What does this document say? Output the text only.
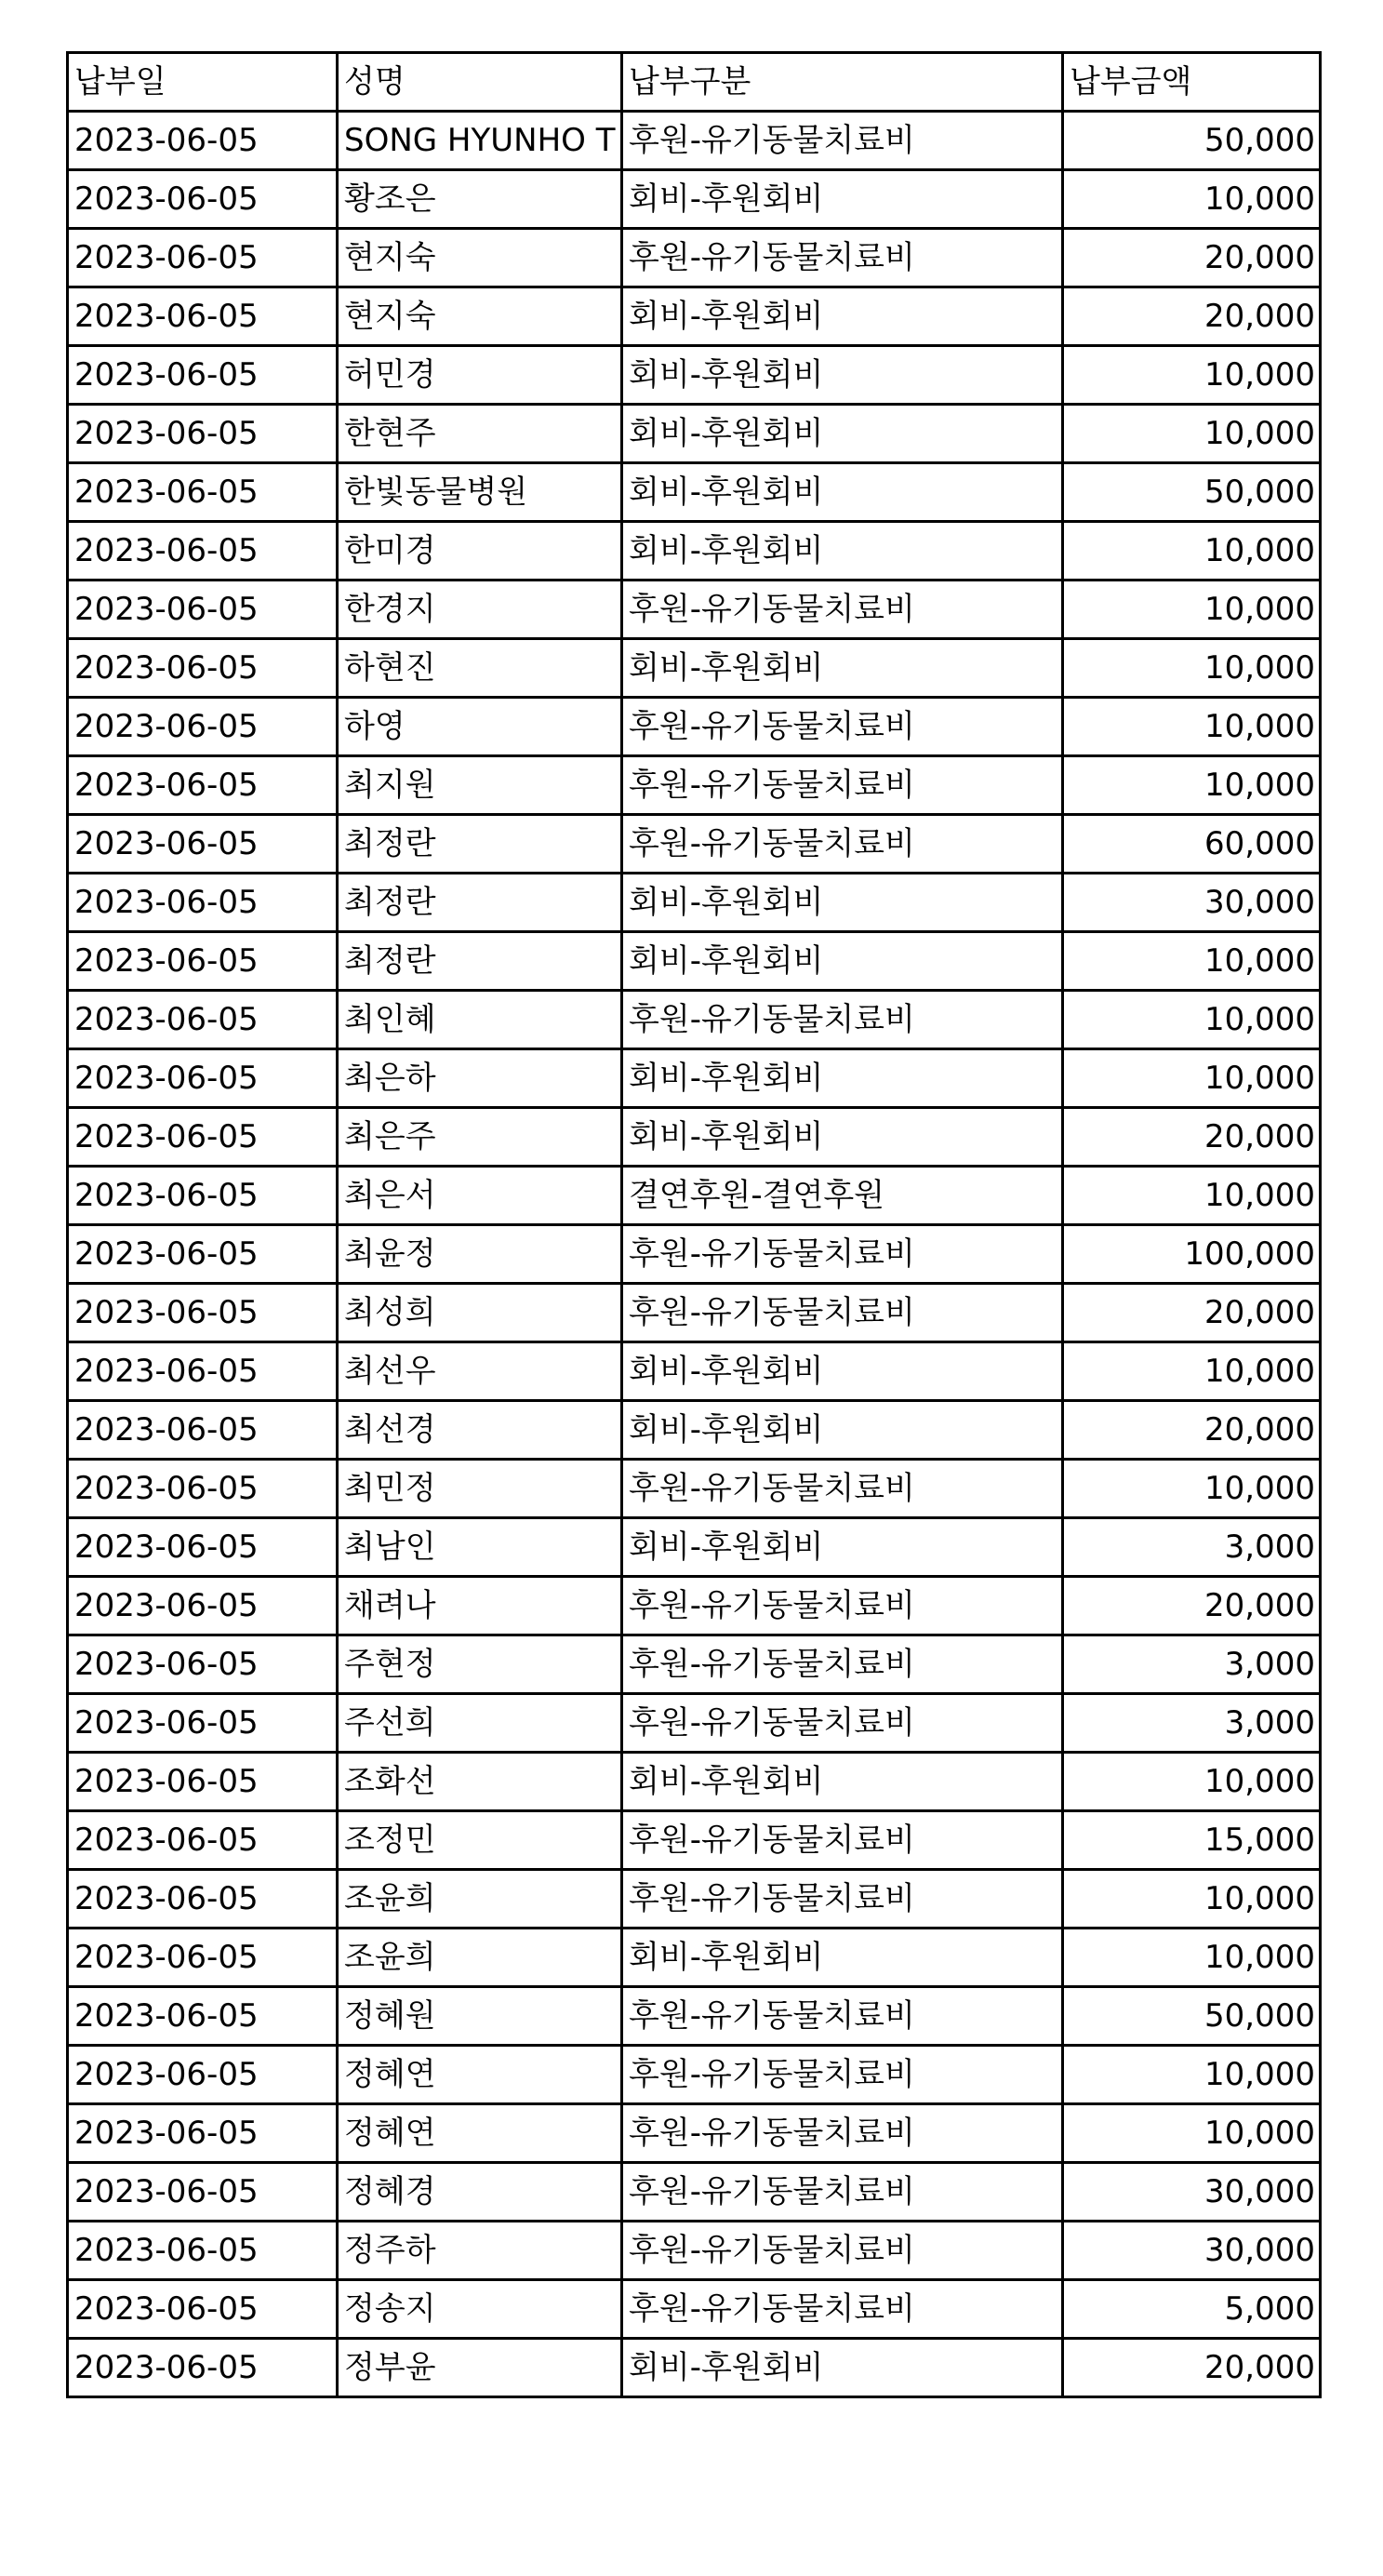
납부일	성명	납부구분	납부금액
2023-06-05	SONG HYUNHO T	후원-유기동물치료비	50,000
2023-06-05	황조은	회비-후원회비	10,000
2023-06-05	현지숙	후원-유기동물치료비	20,000
2023-06-05	현지숙	회비-후원회비	20,000
2023-06-05	허민경	회비-후원회비	10,000
2023-06-05	한현주	회비-후원회비	10,000
2023-06-05	한빛동물병원	회비-후원회비	50,000
2023-06-05	한미경	회비-후원회비	10,000
2023-06-05	한경지	후원-유기동물치료비	10,000
2023-06-05	하현진	회비-후원회비	10,000
2023-06-05	하영	후원-유기동물치료비	10,000
2023-06-05	최지원	후원-유기동물치료비	10,000
2023-06-05	최정란	후원-유기동물치료비	60,000
2023-06-05	최정란	회비-후원회비	30,000
2023-06-05	최정란	회비-후원회비	10,000
2023-06-05	최인혜	후원-유기동물치료비	10,000
2023-06-05	최은하	회비-후원회비	10,000
2023-06-05	최은주	회비-후원회비	20,000
2023-06-05	최은서	결연후원-결연후원	10,000
2023-06-05	최윤정	후원-유기동물치료비	100,000
2023-06-05	최성희	후원-유기동물치료비	20,000
2023-06-05	최선우	회비-후원회비	10,000
2023-06-05	최선경	회비-후원회비	20,000
2023-06-05	최민정	후원-유기동물치료비	10,000
2023-06-05	최남인	회비-후원회비	3,000
2023-06-05	채려나	후원-유기동물치료비	20,000
2023-06-05	주현정	후원-유기동물치료비	3,000
2023-06-05	주선희	후원-유기동물치료비	3,000
2023-06-05	조화선	회비-후원회비	10,000
2023-06-05	조정민	후원-유기동물치료비	15,000
2023-06-05	조윤희	후원-유기동물치료비	10,000
2023-06-05	조윤희	회비-후원회비	10,000
2023-06-05	정혜원	후원-유기동물치료비	50,000
2023-06-05	정혜연	후원-유기동물치료비	10,000
2023-06-05	정혜연	후원-유기동물치료비	10,000
2023-06-05	정혜경	후원-유기동물치료비	30,000
2023-06-05	정주하	후원-유기동물치료비	30,000
2023-06-05	정송지	후원-유기동물치료비	5,000
2023-06-05	정부윤	회비-후원회비	20,000
